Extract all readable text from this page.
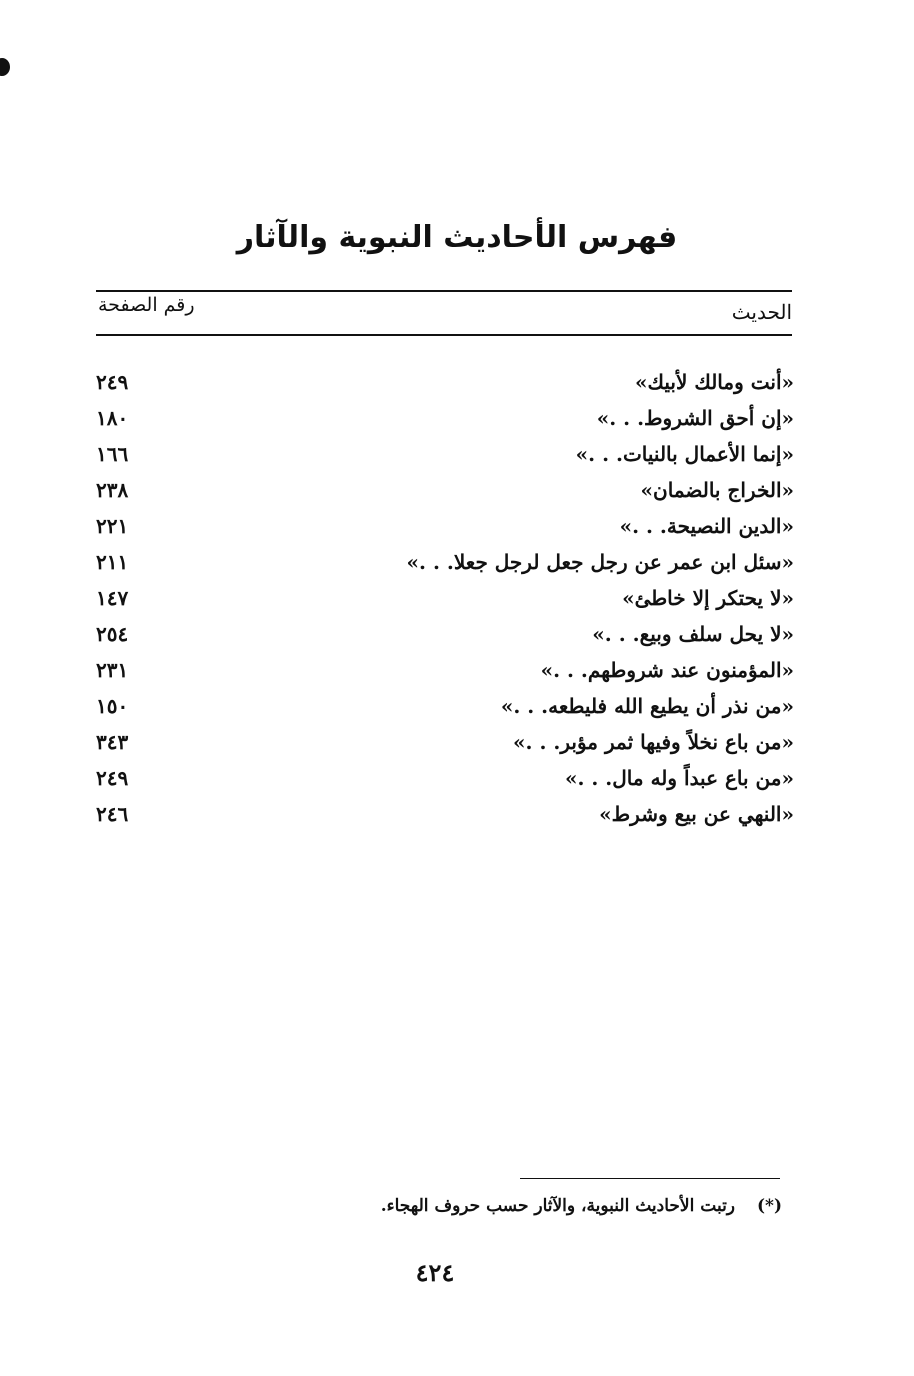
فهرس الأحاديث النبوية والآثار
رقم الصفحة	الحديث
«أنت ومالك لأبيك»
٢٤٩
«إن أحق الشروط. . .»
١٨٠
«إنما الأعمال بالنيات. . .»
١٦٦
«الخراج بالضمان»
٢٣٨
«الدين النصيحة. . .»
٢٢١
«سئل ابن عمر عن رجل جعل لرجل جعلا. . .»
٢١١
«لا يحتكر إلا خاطئ»
١٤٧
«لا يحل سلف وبيع. . .»
٢٥٤
«المؤمنون عند شروطهم. . .»
٢٣١
«من نذر أن يطيع الله فليطعه. . .»
١٥٠
«من باع نخلاً وفيها ثمر مؤبر. . .»
٣٤٣
«من باع عبداً وله مال. . .»
٢٤٩
«النهي عن بيع وشرط»
٢٤٦
(*)رتبت الأحاديث النبوية، والآثار حسب حروف الهجاء.
٤٢٤
